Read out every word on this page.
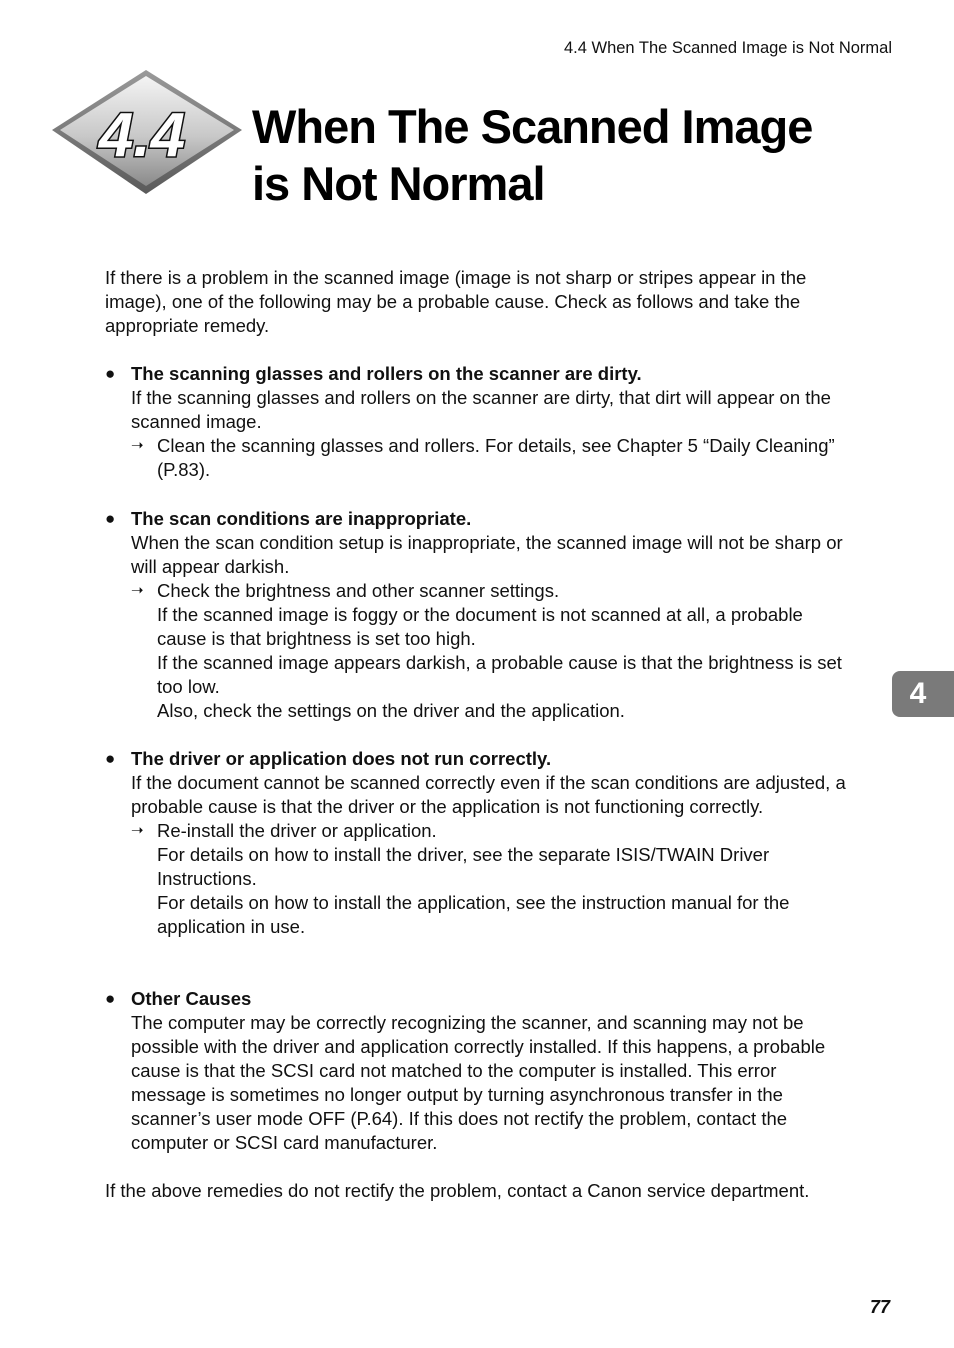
4.4 When The Scanned Image is Not Normal
4.4 When The Scanned Image
is Not Normal

If there is a problem in the scanned image (image is not sharp or stripes appear in the image), one of the following may be a probable cause. Check as follows and take the appropriate remedy.

● The scanning glasses and rollers on the scanner are dirty.

If the scanning glasses and rollers on the scanner are dirty, that dirt will appear on the scanned image.

➝ Clean the scanning glasses and rollers. For details, see Chapter 5 “Daily Cleaning” (P.83).

● The scan conditions are inappropriate.

When the scan condition setup is inappropriate, the scanned image will not be sharp or will appear darkish.

➝ Check the brightness and other scanner settings.

If the scanned image is foggy or the document is not scanned at all, a probable cause is that brightness is set too high.

If the scanned image appears darkish, a probable cause is that the brightness is set too low.

Also, check the settings on the driver and the application.

● The driver or application does not run correctly.

If the document cannot be scanned correctly even if the scan conditions are adjusted, a probable cause is that the driver or the application is not functioning correctly.

➝ Re-install the driver or application.

For details on how to install the driver, see the separate ISIS/TWAIN Driver Instructions.

For details on how to install the application, see the instruction manual for the application in use.

● Other Causes

The computer may be correctly recognizing the scanner, and scanning may not be possible with the driver and application correctly installed. If this happens, a probable cause is that the SCSI card not matched to the computer is installed. This error message is sometimes no longer output by turning asynchronous transfer in the scanner’s user mode OFF (P.64). If this does not rectify the problem, contact the computer or SCSI card manufacturer.

If the above remedies do not rectify the problem, contact a Canon service department.

4
77
